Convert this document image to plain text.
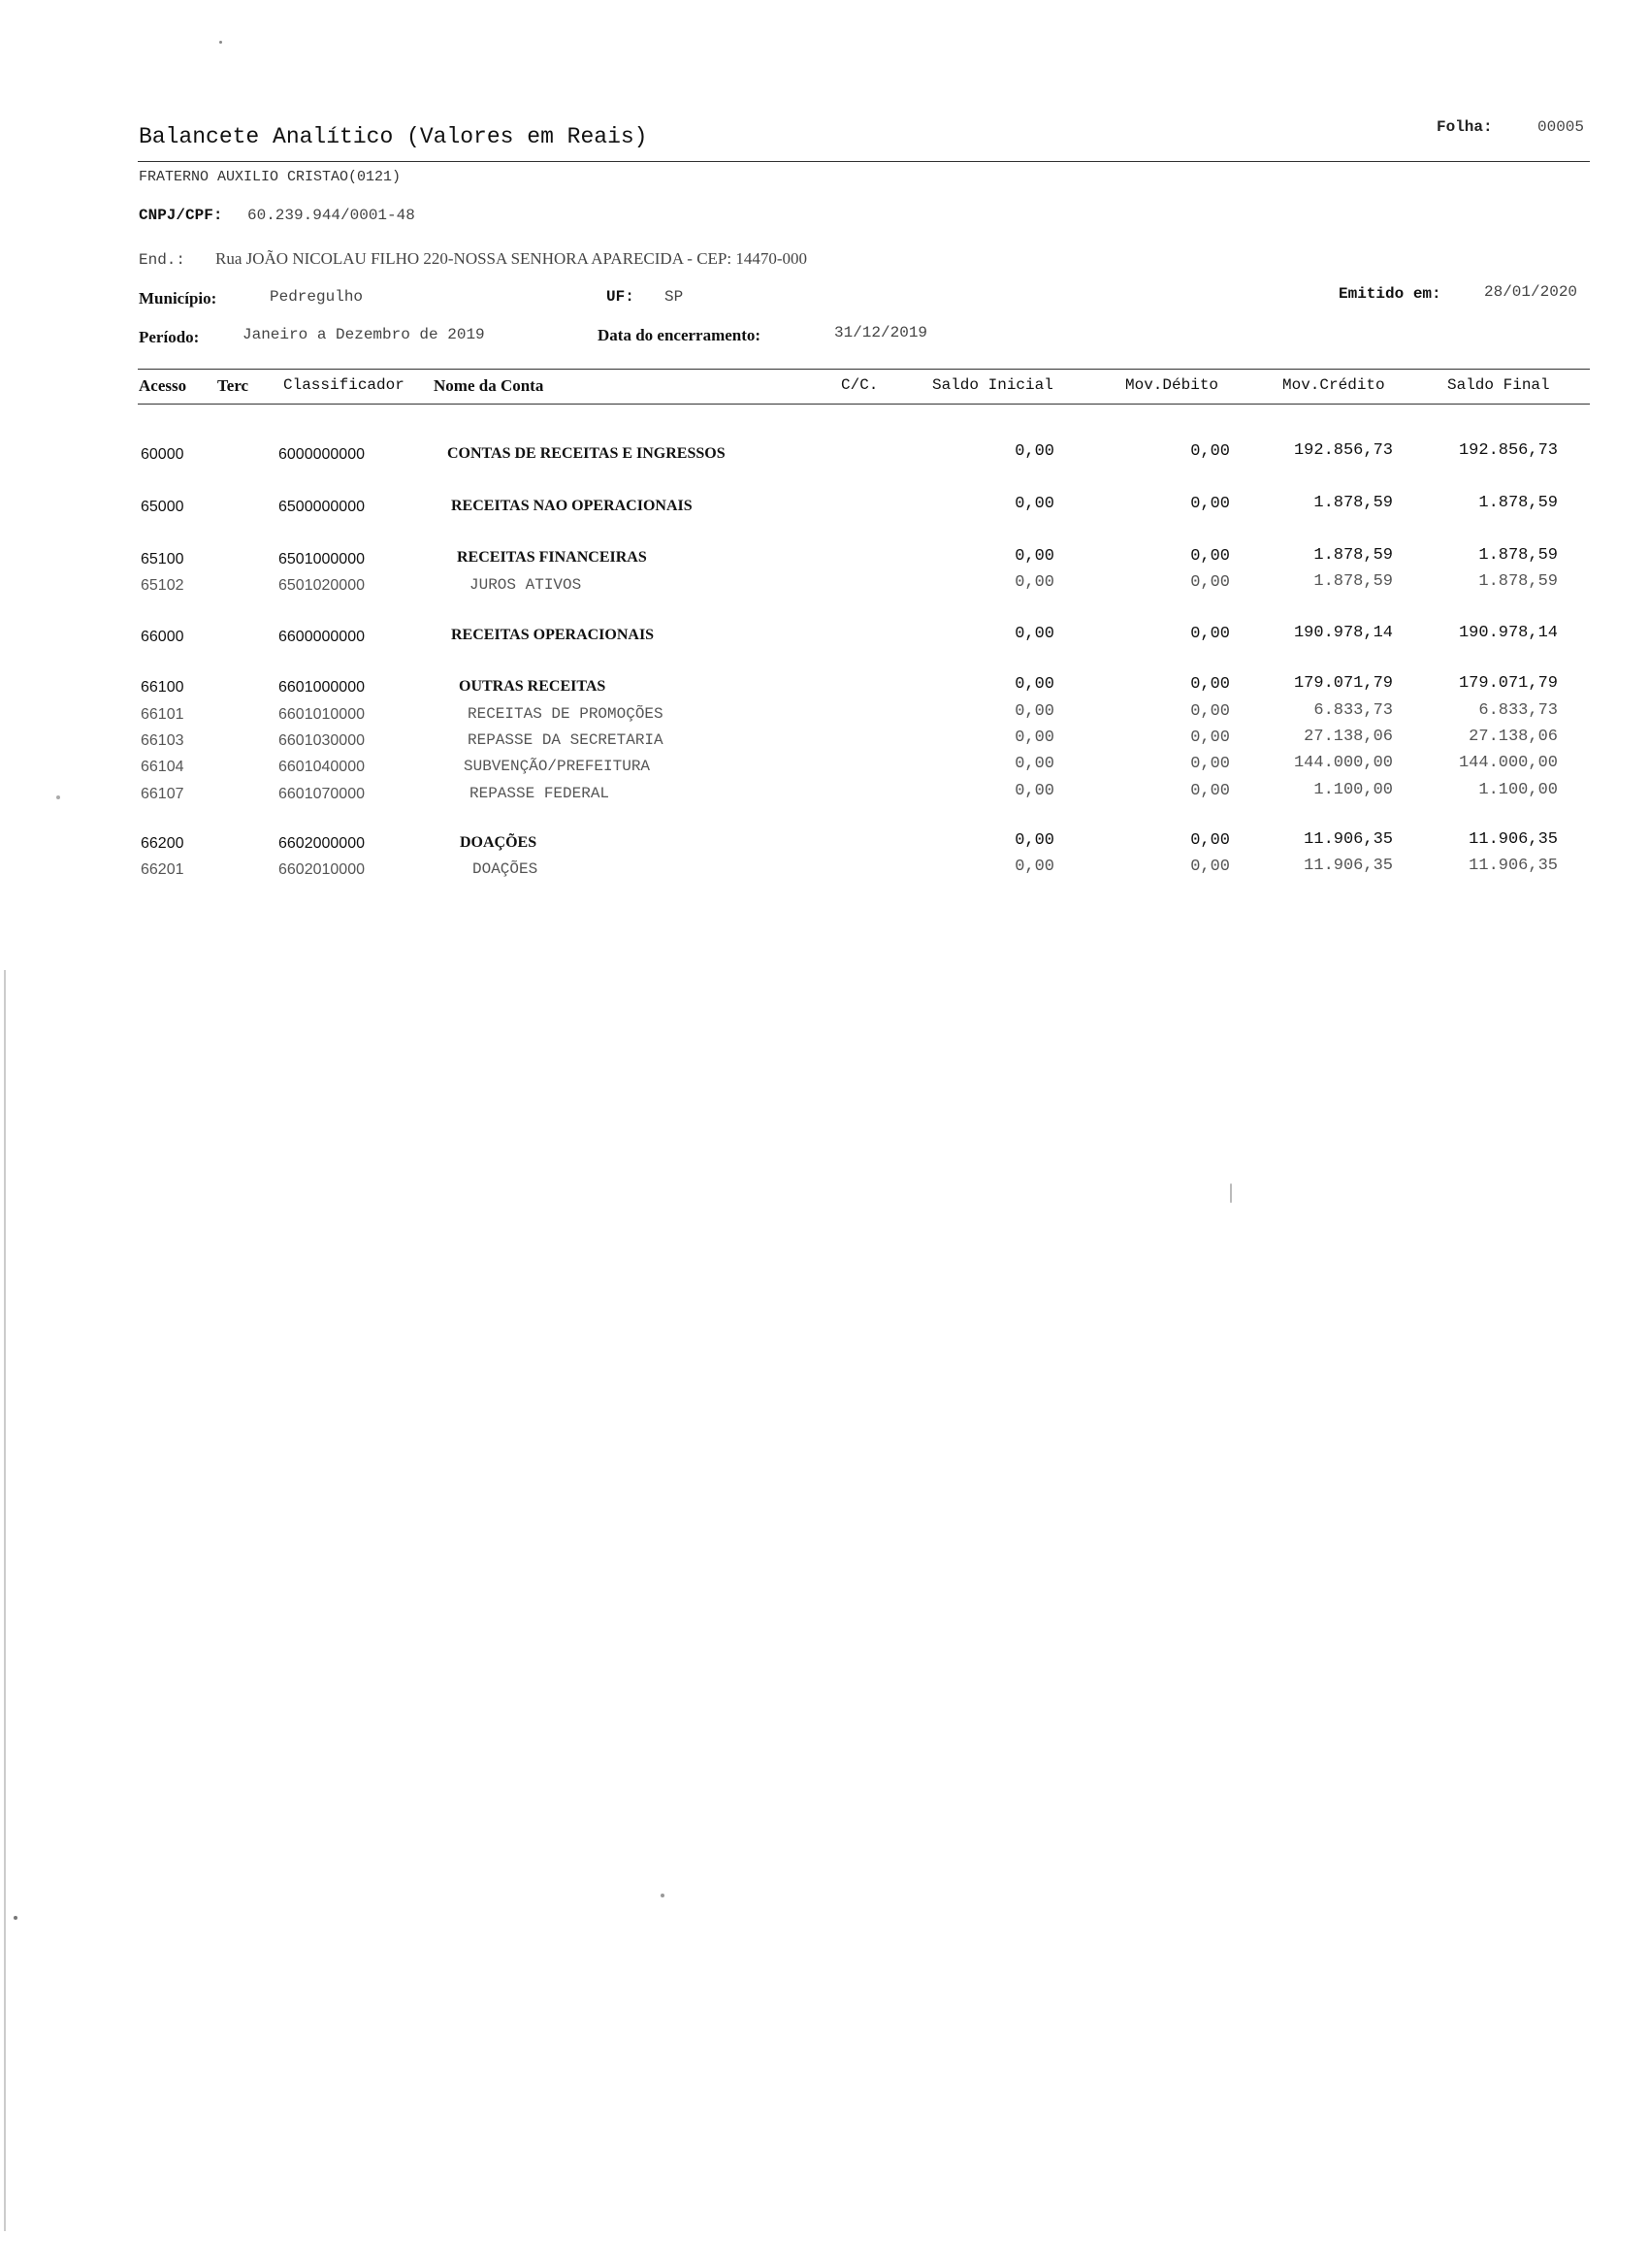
Balancete Analítico (Valores em Reais)	Folha:	00005
FRATERNO AUXILIO CRISTAO(0121)
CNPJ/CPF: 60.239.944/0001-48
End.: Rua JOÃO NICOLAU FILHO 220-NOSSA SENHORA APARECIDA - CEP: 14470-000
Município:	Pedregulho	UF: SP	Emitido em:	28/01/2020
Período:	Janeiro a Dezembro de 2019	Data do encerramento:	31/12/2019
Acesso Terc Classificador Nome da Conta	C/C.	Saldo Inicial	Mov.Débito	Mov.Crédito	Saldo Final
60000	6000000000	CONTAS DE RECEITAS E INGRESSOS	0,00	0,00	192.856,73	192.856,73
65000	6500000000	RECEITAS NAO OPERACIONAIS	0,00	0,00	1.878,59	1.878,59
65100	6501000000	RECEITAS FINANCEIRAS	0,00	0,00	1.878,59	1.878,59
65102	6501020000	JUROS ATIVOS	0,00	0,00	1.878,59	1.878,59
66000	6600000000	RECEITAS OPERACIONAIS	0,00	0,00	190.978,14	190.978,14
66100	6601000000	OUTRAS RECEITAS	0,00	0,00	179.071,79	179.071,79
66101	6601010000	RECEITAS DE PROMOÇÕES	0,00	0,00	6.833,73	6.833,73
66103	6601030000	REPASSE DA SECRETARIA	0,00	0,00	27.138,06	27.138,06
66104	6601040000	SUBVENÇÃO/PREFEITURA	0,00	0,00	144.000,00	144.000,00
66107	6601070000	REPASSE FEDERAL	0,00	0,00	1.100,00	1.100,00
66200	6602000000	DOAÇÕES	0,00	0,00	11.906,35	11.906,35
66201	6602010000	DOAÇÕES	0,00	0,00	11.906,35	11.906,35
